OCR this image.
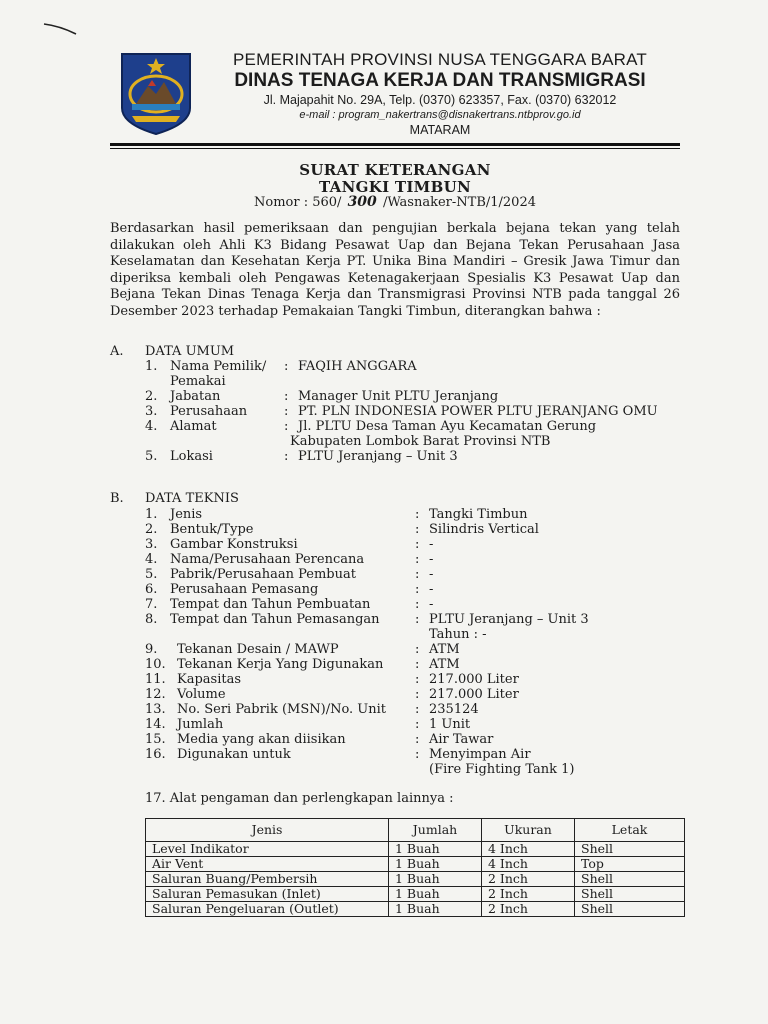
PEMERINTAH PROVINSI NUSA TENGGARA BARAT
DINAS TENAGA KERJA DAN TRANSMIGRASI
Jl. Majapahit No. 29A, Telp. (0370) 623357, Fax. (0370) 632012
e-mail : program_nakertrans@disnakertrans.ntbprov.go.id
MATARAM
SURAT KETERANGAN
TANGKI TIMBUN
Nomor : 560/ 300 /Wasnaker-NTB/1/2024
Berdasarkan hasil pemeriksaan dan pengujian berkala bejana tekan yang telah dilakukan oleh Ahli K3 Bidang Pesawat Uap dan Bejana Tekan Perusahaan Jasa Keselamatan dan Kesehatan Kerja PT. Unika Bina Mandiri – Gresik Jawa Timur dan diperiksa kembali oleh Pengawas Ketenagakerjaan Spesialis K3 Pesawat Uap dan Bejana Tekan Dinas Tenaga Kerja dan Transmigrasi Provinsi NTB pada tanggal 26 Desember 2023 terhadap Pemakaian Tangki Timbun, diterangkan bahwa :
A. DATA UMUM
1. Nama Pemilik/
Pemakai
: FAQIH ANGGARA
2. Jabatan	: Manager Unit PLTU Jeranjang
3. Perusahaan	: PT. PLN INDONESIA POWER PLTU JERANJANG OMU
4. Alamat	: Jl. PLTU Desa Taman Ayu Kecamatan Gerung
Kabupaten Lombok Barat Provinsi NTB
5. Lokasi	: PLTU Jeranjang – Unit 3
B. DATA TEKNIS
1. Jenis	: Tangki Timbun
2. Bentuk/Type	: Silindris Vertical
3. Gambar Konstruksi	: -
4. Nama/Perusahaan Perencana	: -
5. Pabrik/Perusahaan Pembuat	: -
6. Perusahaan Pemasang	: -
7. Tempat dan Tahun Pembuatan	: -
8. Tempat dan Tahun Pemasangan	: PLTU Jeranjang – Unit 3
Tahun : -
9. Tekanan Desain / MAWP	: ATM
10. Tekanan Kerja Yang Digunakan : ATM
11. Kapasitas	: 217.000 Liter
12. Volume	: 217.000 Liter
13. No. Seri Pabrik (MSN)/No. Unit : 235124
14. Jumlah	: 1 Unit
15. Media yang akan diisikan	: Air Tawar
16. Digunakan untuk	: Menyimpan Air
(Fire Fighting Tank 1)
17. Alat pengaman dan perlengkapan lainnya :
Jenis	Jumlah	Ukuran	Letak
Level Indikator	1 Buah	4 Inch	Shell
Air Vent	1 Buah	4 Inch	Top
Saluran Buang/Pembersih	1 Buah	2 Inch	Shell
Saluran Pemasukan (Inlet)	1 Buah	2 Inch	Shell
Saluran Pengeluaran (Outlet)	1 Buah	2 Inch	Shell
